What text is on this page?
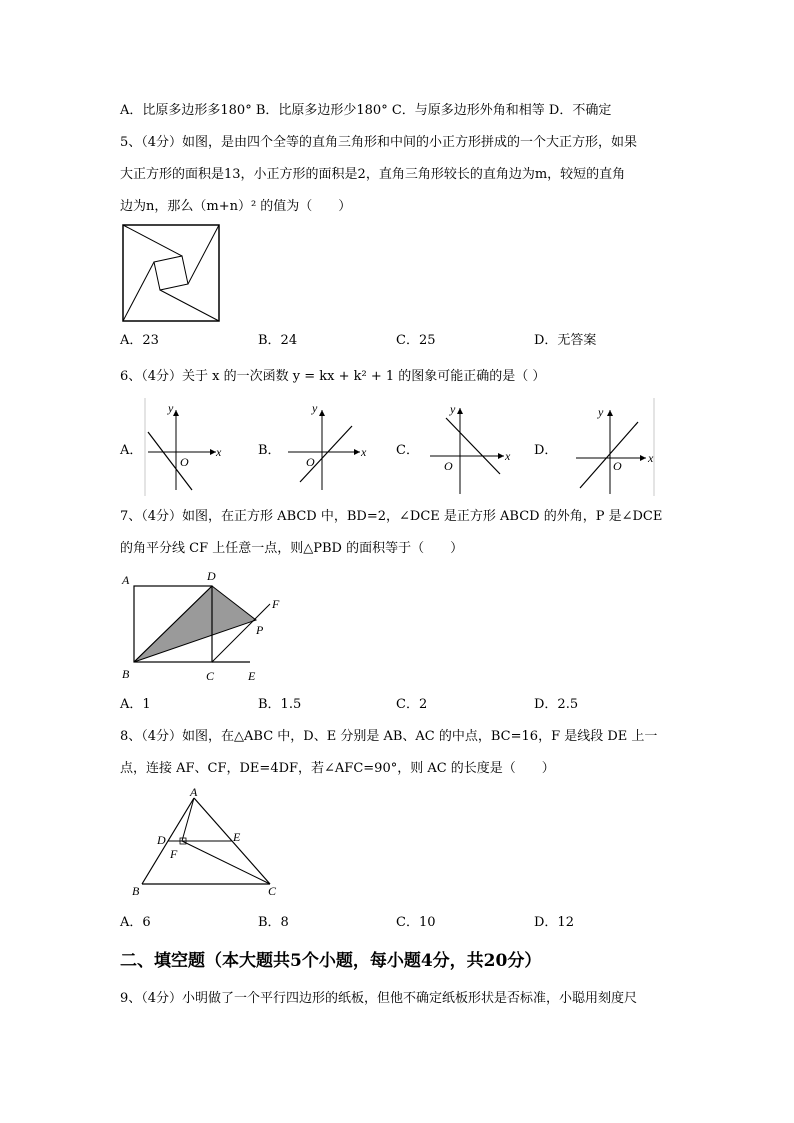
A．比原多边形多180° B．比原多边形少180° C．与原多边形外角和相等 D．不确定
5、（4分）如图，是由四个全等的直角三角形和中间的小正方形拼成的一个大正方形，如果
大正方形的面积是13，小正方形的面积是2，直角三角形较长的直角边为m，较短的直角
边为n，那么（m+n）² 的值为（　　）
A．23	B．24	C．25	D．无答案
6、（4分）关于 x 的一次函数 y = kx + k² + 1 的图象可能正确的是（ ）
A．
y
x
O
B．
y
x
O
C．
y
x
O
D．
y
x
O
7、（4分）如图，在正方形 ABCD 中，BD=2，∠DCE 是正方形 ABCD 的外角，P 是∠DCE
的角平分线 CF 上任意一点，则△PBD 的面积等于（　　）
A	D
F
P
B	C	E
A．1	B．1.5	C．2	D．2.5
8、（4分）如图，在△ABC 中，D、E 分别是 AB、AC 的中点，BC=16，F 是线段 DE 上一
点，连接 AF、CF，DE=4DF，若∠AFC=90°，则 AC 的长度是（　　）
A
D	E
F
B	C
A．6	B．8	C．10	D．12
二、填空题（本大题共5个小题，每小题4分，共20分）
9、（4分）小明做了一个平行四边形的纸板，但他不确定纸板形状是否标准，小聪用刻度尺
